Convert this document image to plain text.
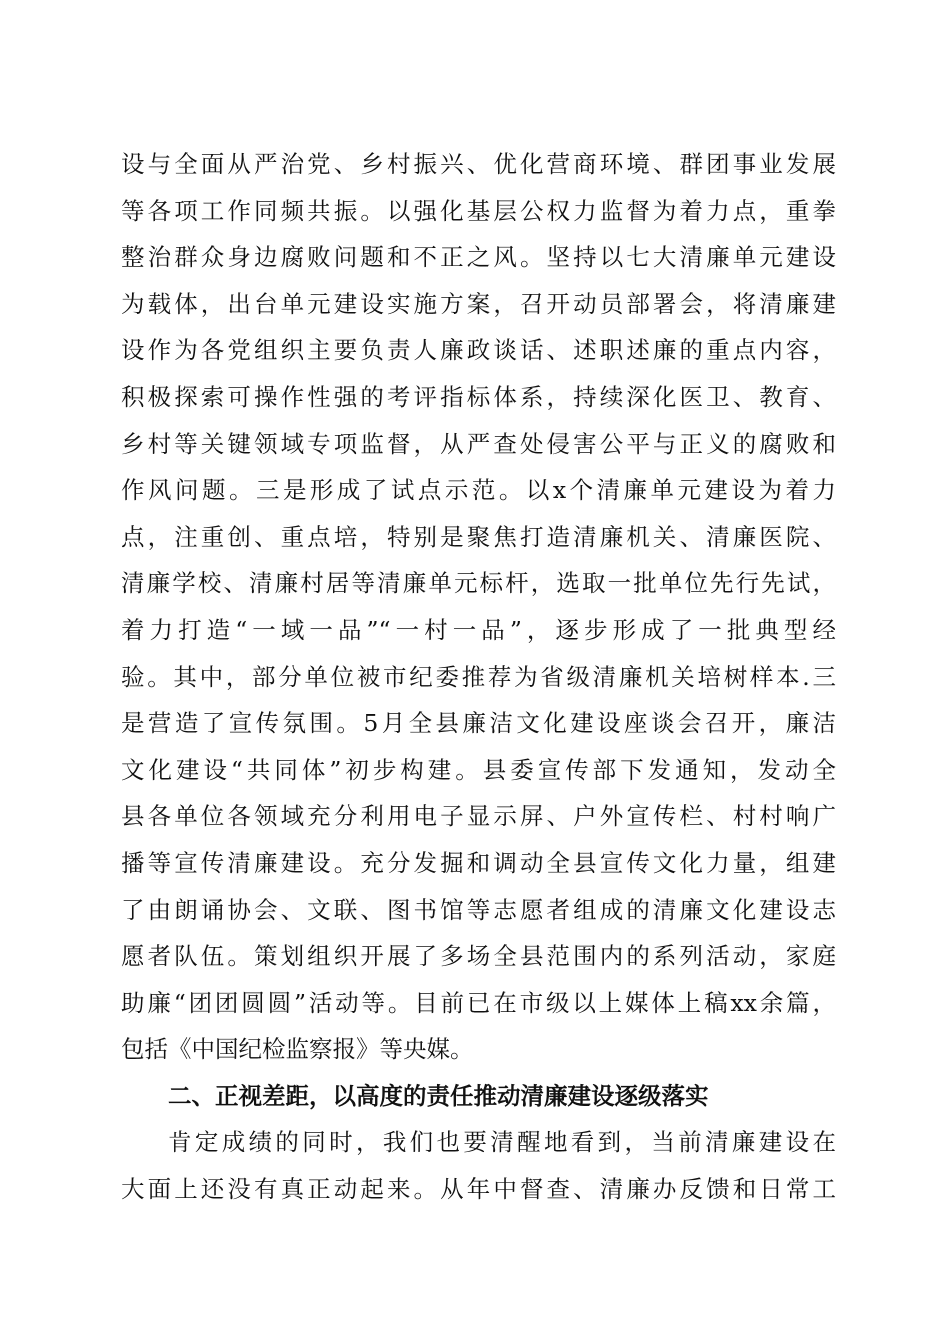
设与全面从严治党、乡村振兴、优化营商环境、群团事业发展
等各项工作同频共振。以强化基层公权力监督为着力点，重拳
整治群众身边腐败问题和不正之风。坚持以七大清廉单元建设
为载体，出台单元建设实施方案，召开动员部署会，将清廉建
设作为各党组织主要负责人廉政谈话、述职述廉的重点内容，
积极探索可操作性强的考评指标体系，持续深化医卫、教育、
乡村等关键领域专项监督，从严查处侵害公平与正义的腐败和
作风问题。三是形成了试点示范。以x个清廉单元建设为着力
点，注重创、重点培，特别是聚焦打造清廉机关、清廉医院、
清廉学校、清廉村居等清廉单元标杆，选取一批单位先行先试，
着力打造“一域一品”“一村一品”，逐步形成了一批典型经
验。其中，部分单位被市纪委推荐为省级清廉机关培树样本.三
是营造了宣传氛围。5月全县廉洁文化建设座谈会召开，廉洁
文化建设“共同体”初步构建。县委宣传部下发通知，发动全
县各单位各领域充分利用电子显示屏、户外宣传栏、村村响广
播等宣传清廉建设。充分发掘和调动全县宣传文化力量，组建
了由朗诵协会、文联、图书馆等志愿者组成的清廉文化建设志
愿者队伍。策划组织开展了多场全县范围内的系列活动，家庭
助廉“团团圆圆”活动等。目前已在市级以上媒体上稿xx余篇，
包括《中国纪检监察报》等央媒。
二、正视差距，以高度的责任推动清廉建设逐级落实
肯定成绩的同时，我们也要清醒地看到，当前清廉建设在
大面上还没有真正动起来。从年中督查、清廉办反馈和日常工
